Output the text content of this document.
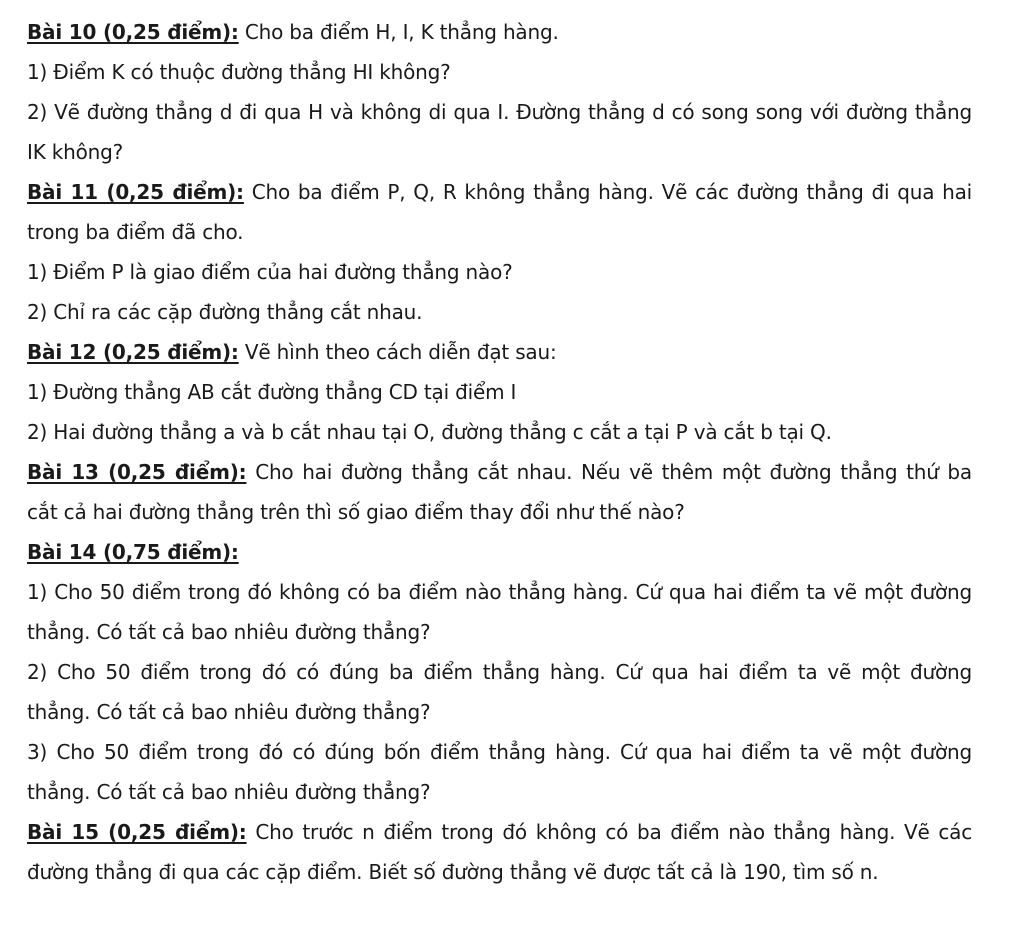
Bài 10 (0,25 điểm): Cho ba điểm H, I, K thẳng hàng.
1) Điểm K có thuộc đường thẳng HI không?
2) Vẽ đường thẳng d đi qua H và không di qua I. Đường thẳng d có song song với đường thẳng
IK không?
Bài 11 (0,25 điểm): Cho ba điểm P, Q, R không thẳng hàng. Vẽ các đường thẳng đi qua hai
trong ba điểm đã cho.
1) Điểm P là giao điểm của hai đường thẳng nào?
2) Chỉ ra các cặp đường thẳng cắt nhau.
Bài 12 (0,25 điểm): Vẽ hình theo cách diễn đạt sau:
1) Đường thẳng AB cắt đường thẳng CD tại điểm I
2) Hai đường thẳng a và b cắt nhau tại O, đường thẳng c cắt a tại P và cắt b tại Q.
Bài 13 (0,25 điểm): Cho hai đường thẳng cắt nhau. Nếu vẽ thêm một đường thẳng thứ ba
cắt cả hai đường thẳng trên thì số giao điểm thay đổi như thế nào?
Bài 14 (0,75 điểm):
1) Cho 50 điểm trong đó không có ba điểm nào thẳng hàng. Cứ qua hai điểm ta vẽ một đường
thẳng. Có tất cả bao nhiêu đường thẳng?
2) Cho 50 điểm trong đó có đúng ba điểm thẳng hàng. Cứ qua hai điểm ta vẽ một đường
thẳng. Có tất cả bao nhiêu đường thẳng?
3) Cho 50 điểm trong đó có đúng bốn điểm thẳng hàng. Cứ qua hai điểm ta vẽ một đường
thẳng. Có tất cả bao nhiêu đường thẳng?
Bài 15 (0,25 điểm): Cho trước n điểm trong đó không có ba điểm nào thẳng hàng. Vẽ các
đường thẳng đi qua các cặp điểm. Biết số đường thẳng vẽ được tất cả là 190, tìm số n.
